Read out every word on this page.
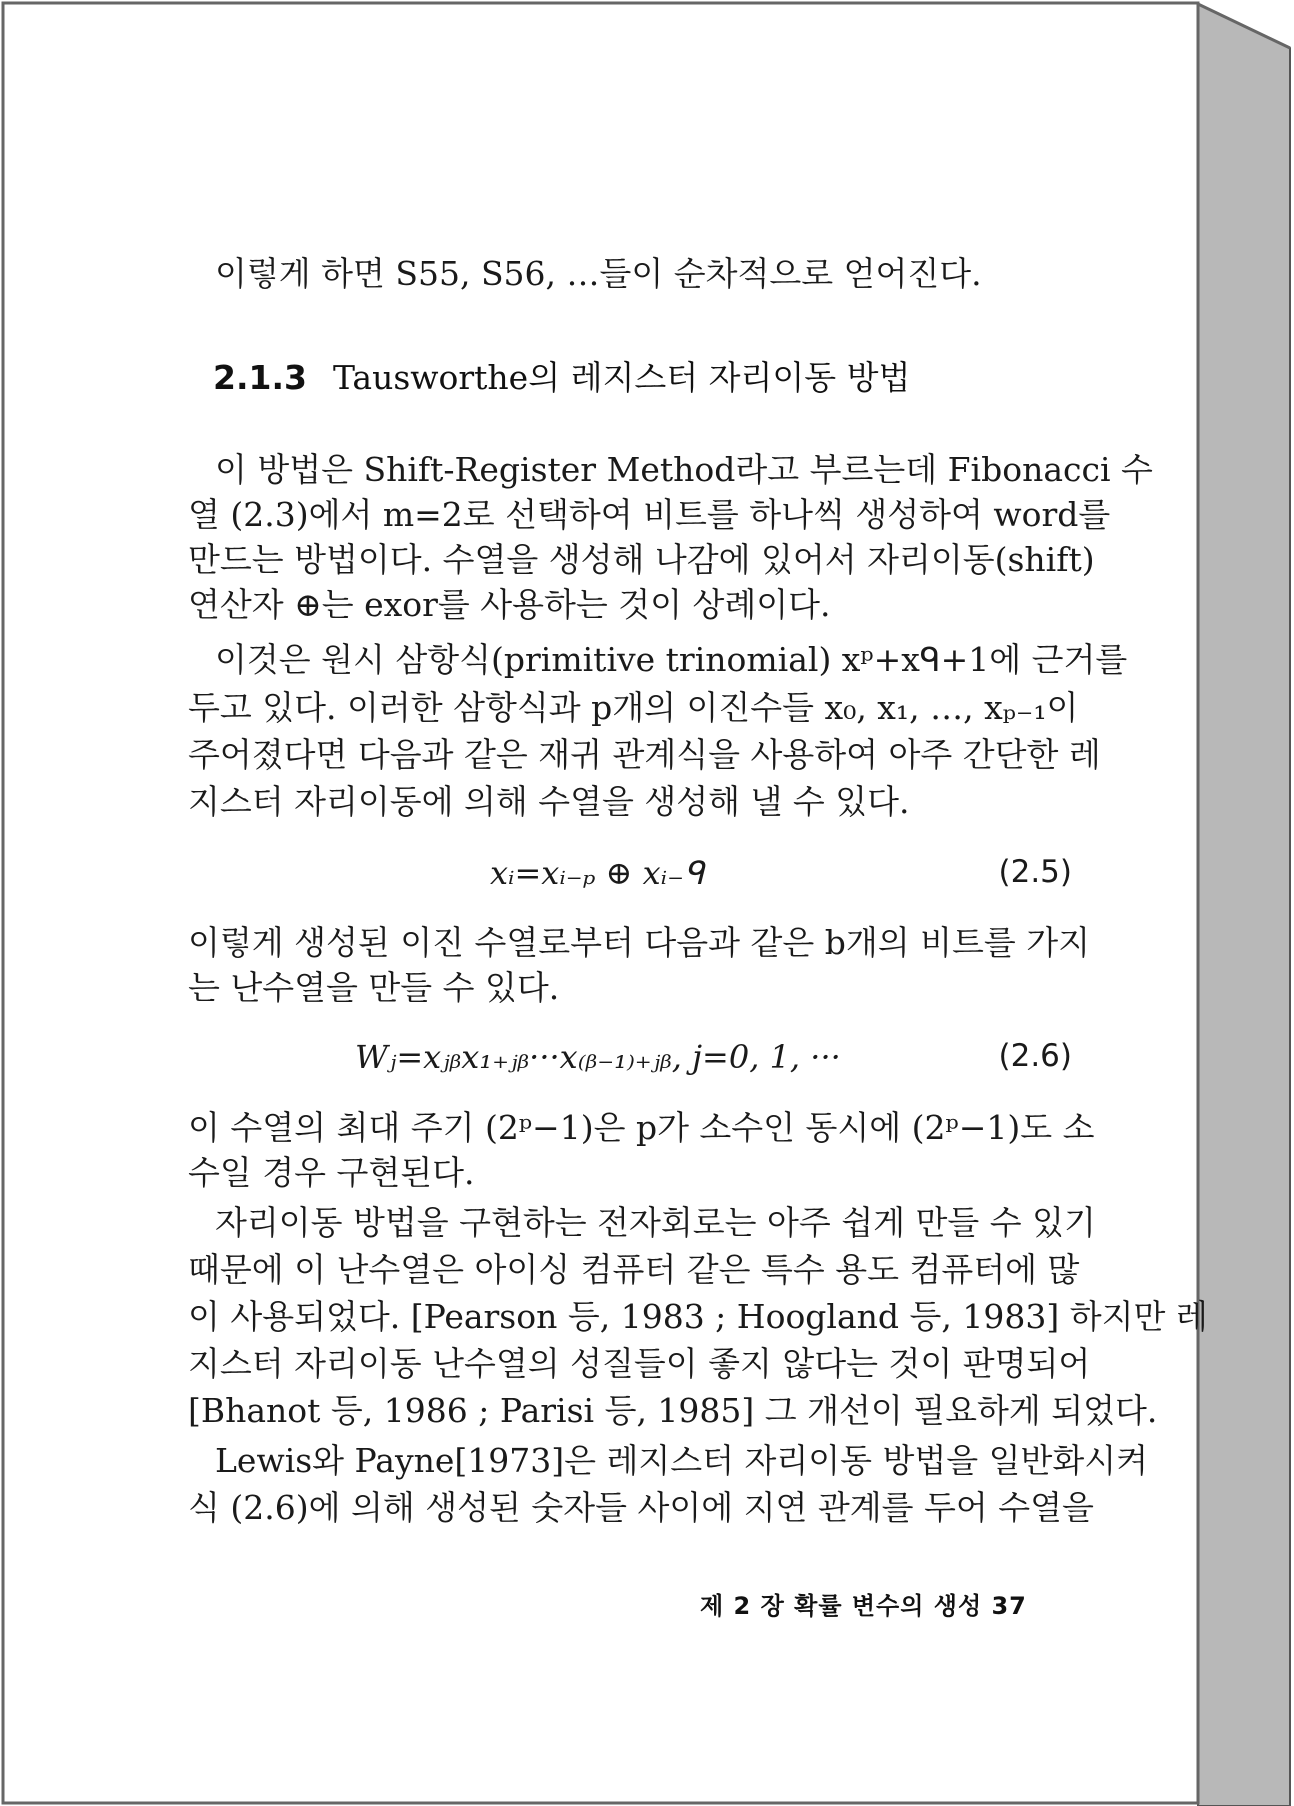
이렇게 하면 S55, S56, …들이 순차적으로 얻어진다.
2.1.3 Tausworthe의 레지스터 자리이동 방법
이 방법은 Shift-Register Method라고 부르는데 Fibonacci 수
열 (2.3)에서 m=2로 선택하여 비트를 하나씩 생성하여 word를
만드는 방법이다. 수열을 생성해 나감에 있어서 자리이동(shift)
연산자 ⊕는 exor를 사용하는 것이 상례이다.
이것은 원시 삼항식(primitive trinomial) xᵖ+xᑫ+1에 근거를
두고 있다. 이러한 삼항식과 p개의 이진수들 x₀, x₁, …, xₚ₋₁이
주어졌다면 다음과 같은 재귀 관계식을 사용하여 아주 간단한 레
지스터 자리이동에 의해 수열을 생성해 낼 수 있다.
xᵢ=xᵢ₋ₚ ⊕ xᵢ₋ᑫ	(2.5)
이렇게 생성된 이진 수열로부터 다음과 같은 b개의 비트를 가지
는 난수열을 만들 수 있다.
Wⱼ=xⱼᵦx₁₊ⱼᵦ···x₍ᵦ₋₁₎₊ⱼᵦ, j=0, 1, ···	(2.6)
이 수열의 최대 주기 (2ᵖ−1)은 p가 소수인 동시에 (2ᵖ−1)도 소
수일 경우 구현된다.
자리이동 방법을 구현하는 전자회로는 아주 쉽게 만들 수 있기
때문에 이 난수열은 아이싱 컴퓨터 같은 특수 용도 컴퓨터에 많
이 사용되었다. [Pearson 등, 1983 ; Hoogland 등, 1983] 하지만 레
지스터 자리이동 난수열의 성질들이 좋지 않다는 것이 판명되어
[Bhanot 등, 1986 ; Parisi 등, 1985] 그 개선이 필요하게 되었다.
Lewis와 Payne[1973]은 레지스터 자리이동 방법을 일반화시켜
식 (2.6)에 의해 생성된 숫자들 사이에 지연 관계를 두어 수열을
제 2 장 확률 변수의 생성 37
